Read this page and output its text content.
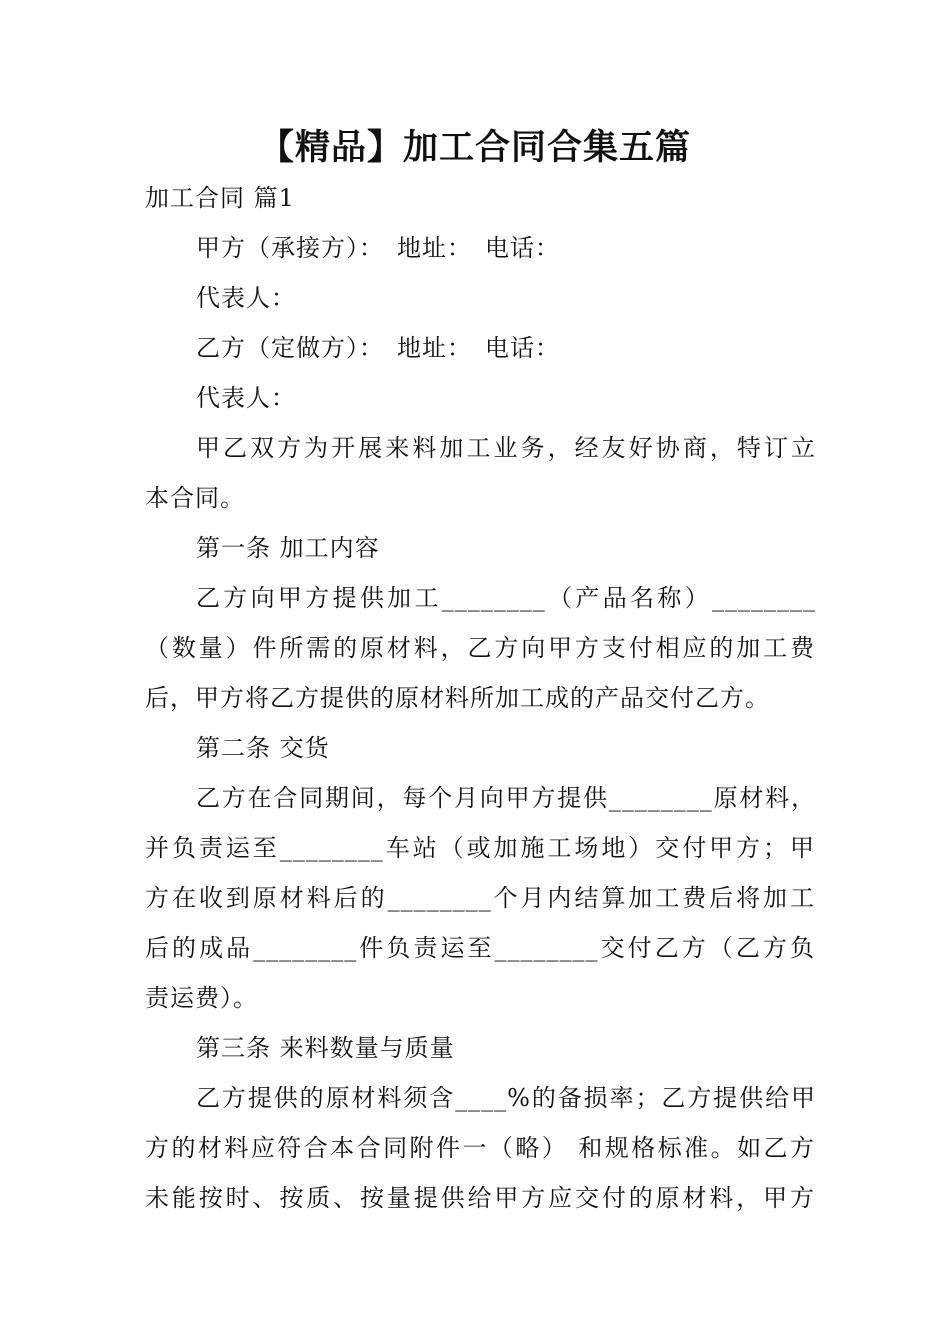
【精品】加工合同合集五篇

加工合同 篇1

甲方（承接方）：　地址：　电话：

代表人：

乙方（定做方）：　地址：　电话：

代表人：

甲乙双方为开展来料加工业务，经友好协商，特订立

本合同。

第一条 加工内容

乙方向甲方提供加工________（产品名称）________

（数量）件所需的原材料，乙方向甲方支付相应的加工费

后，甲方将乙方提供的原材料所加工成的产品交付乙方。

第二条 交货

乙方在合同期间，每个月向甲方提供________原材料，

并负责运至________车站（或加施工场地）交付甲方；甲

方在收到原材料后的________个月内结算加工费后将加工

后的成品________件负责运至________交付乙方（乙方负

责运费）。

第三条 来料数量与质量

乙方提供的原材料须含____%的备损率；乙方提供给甲

方的材料应符合本合同附件一（略） 和规格标准。如乙方

未能按时、按质、按量提供给甲方应交付的原材料，甲方
